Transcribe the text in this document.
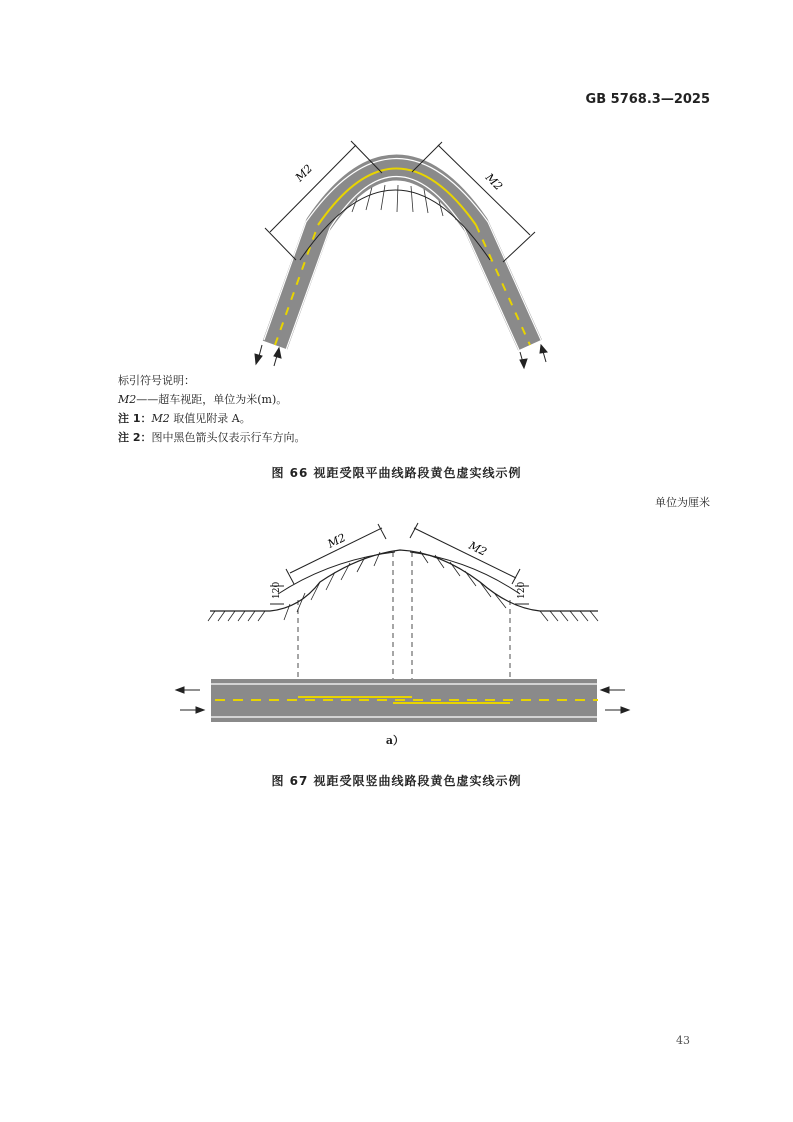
GB 5768.3—2025
M2	M2
标引符号说明：
M2——超车视距，单位为米(m)。
注 1：M2 取值见附录 A。
注 2：图中黑色箭头仅表示行车方向。
图 66 视距受限平曲线路段黄色虚实线示例
单位为厘米
M2	M2
120	120
a）
图 67 视距受限竖曲线路段黄色虚实线示例
43
